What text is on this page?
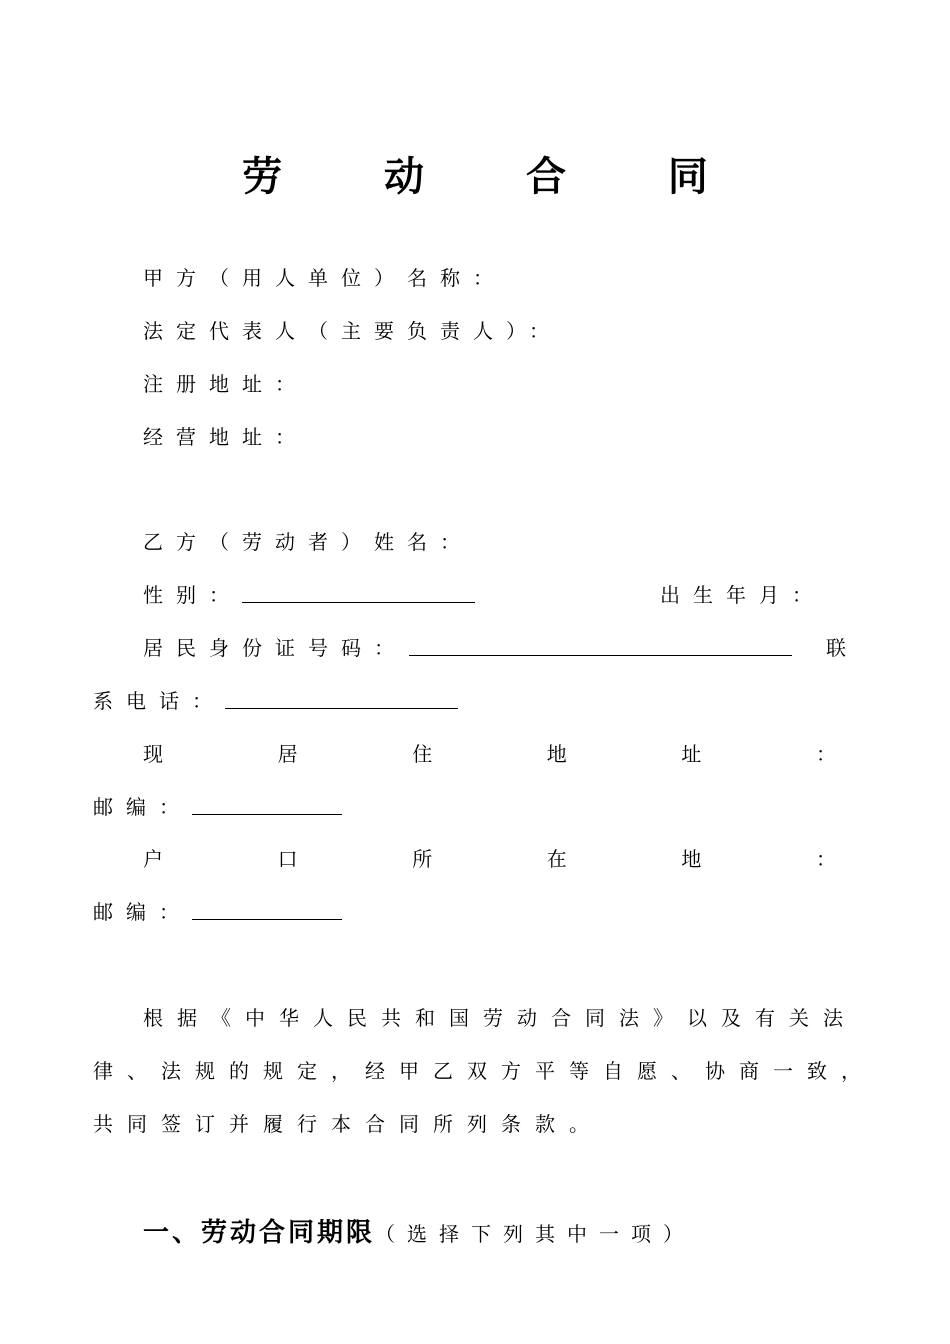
劳 动 合 同
甲方（用人单位）名称：
法定代表人（主要负责人）：
注册地址：
经营地址：
乙方（劳动者）姓名：
性别：	出生年月：
居民身份证号码：	联
系电话：
现	居	住	地	址	：
邮编：
户	口	所	在	地	：
邮编：
根据《中华人民共和国劳动合同法》以及有关法
律、法规的规定，经甲乙双方平等自愿、协商一致，
共同签订并履行本合同所列条款。
一、劳动合同期限（选择下列其中一项）
